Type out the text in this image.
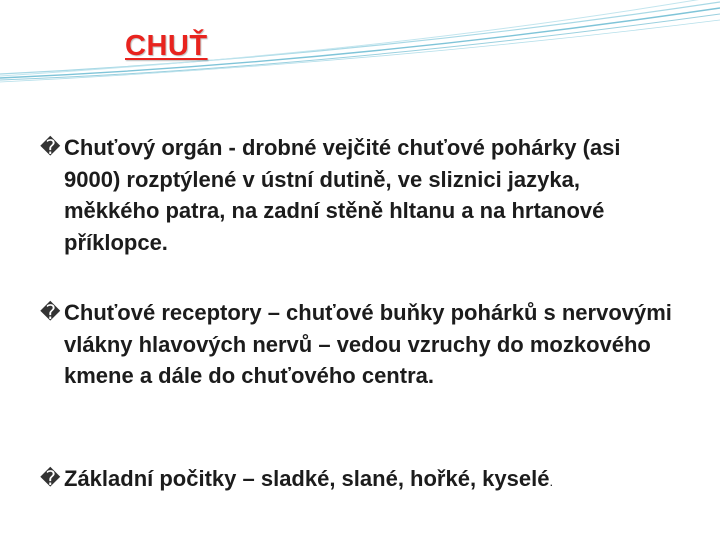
CHUŤ
� Chuťový orgán - drobné vejčité chuťové pohárky (asi 9000) rozptýlené v ústní dutině, ve sliznici jazyka, měkkého patra, na zadní stěně hltanu a na hrtanové příklopce.
� Chuťové receptory – chuťové buňky pohárků s nervovými vlákny hlavových nervů – vedou vzruchy do mozkového kmene a dále do chuťového centra.
� Základní počitky – sladké, slané, hořké, kyselé.
